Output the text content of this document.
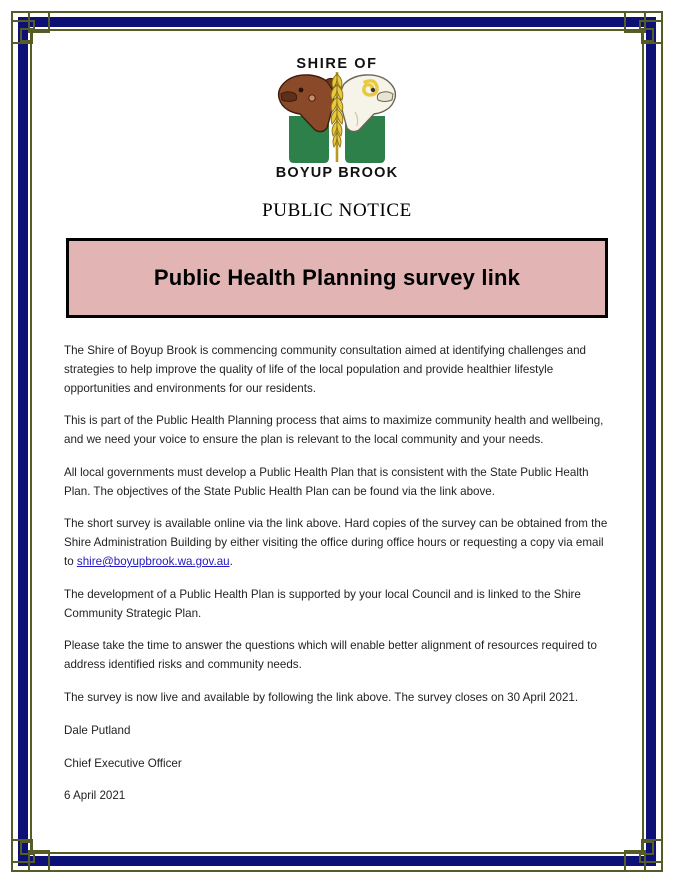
SHIRE OF
BOYUP BROOK
PUBLIC NOTICE
Public Health Planning survey link

The Shire of Boyup Brook is commencing community consultation aimed at identifying challenges and strategies to help improve the quality of life of the local population and provide healthier lifestyle opportunities and environments for our residents.

This is part of the Public Health Planning process that aims to maximize community health and wellbeing, and we need your voice to ensure the plan is relevant to the local community and your needs.

All local governments must develop a Public Health Plan that is consistent with the State Public Health Plan. The objectives of the State Public Health Plan can be found via the link above.

The short survey is available online via the link above. Hard copies of the survey can be obtained from the Shire Administration Building by either visiting the office during office hours or requesting a copy via email to shire@boyupbrook.wa.gov.au.

The development of a Public Health Plan is supported by your local Council and is linked to the Shire Community Strategic Plan.

Please take the time to answer the questions which will enable better alignment of resources required to address identified risks and community needs.

The survey is now live and available by following the link above. The survey closes on 30 April 2021.

Dale Putland

Chief Executive Officer

6 April 2021
